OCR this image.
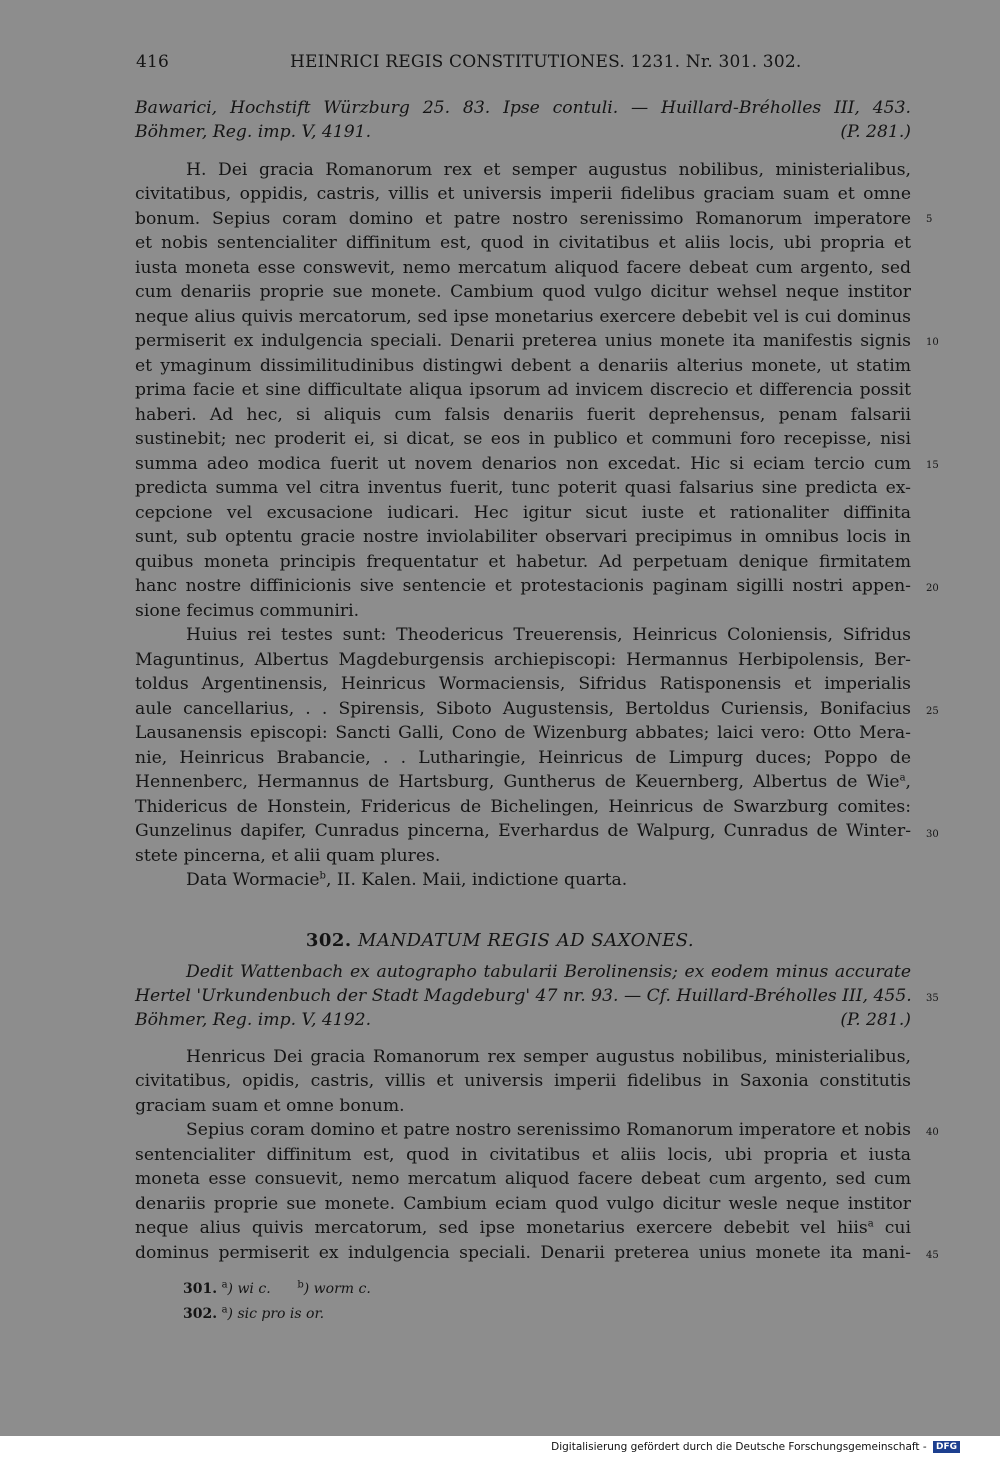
416	HEINRICI REGIS CONSTITUTIONES. 1231. Nr. 301. 302.
Bawarici, Hochstift Würzburg 25. 83. Ipse contuli. — Huillard-Bréholles III, 453.
Böhmer, Reg. imp. V, 4191.	(P. 281.)
H. Dei gracia Romanorum rex et semper augustus nobilibus, ministerialibus,
civitatibus, oppidis, castris, villis et universis imperii fidelibus graciam suam et omne
bonum. Sepius coram domino et patre nostro serenissimo Romanorum imperatore
et nobis sentencialiter diffinitum est, quod in civitatibus et aliis locis, ubi propria et
iusta moneta esse conswevit, nemo mercatum aliquod facere debeat cum argento, sed
cum denariis proprie sue monete. Cambium quod vulgo dicitur wehsel neque institor
neque alius quivis mercatorum, sed ipse monetarius exercere debebit vel is cui dominus
permiserit ex indulgencia speciali. Denarii preterea unius monete ita manifestis signis
et ymaginum dissimilitudinibus distingwi debent a denariis alterius monete, ut statim
prima facie et sine difficultate aliqua ipsorum ad invicem discrecio et differencia possit
haberi. Ad hec, si aliquis cum falsis denariis fuerit deprehensus, penam falsarii
sustinebit; nec proderit ei, si dicat, se eos in publico et communi foro recepisse, nisi
summa adeo modica fuerit ut novem denarios non excedat. Hic si eciam tercio cum
predicta summa vel citra inventus fuerit, tunc poterit quasi falsarius sine predicta ex-
cepcione vel excusacione iudicari. Hec igitur sicut iuste et rationaliter diffinita
sunt, sub optentu gracie nostre inviolabiliter observari precipimus in omnibus locis in
quibus moneta principis frequentatur et habetur. Ad perpetuam denique firmitatem
hanc nostre diffinicionis sive sentencie et protestacionis paginam sigilli nostri appen-
sione fecimus communiri.
Huius rei testes sunt: Theodericus Treuerensis, Heinricus Coloniensis, Sifridus
Maguntinus, Albertus Magdeburgensis archiepiscopi: Hermannus Herbipolensis, Ber-
toldus Argentinensis, Heinricus Wormaciensis, Sifridus Ratisponensis et imperialis
aule cancellarius, . . Spirensis, Siboto Augustensis, Bertoldus Curiensis, Bonifacius
Lausanensis episcopi: Sancti Galli, Cono de Wizenburg abbates; laici vero: Otto Mera-
nie, Heinricus Brabancie, . . Lutharingie, Heinricus de Limpurg duces; Poppo de
Hennenberc, Hermannus de Hartsburg, Guntherus de Keuernberg, Albertus de Wie$^a$,
Thidericus de Honstein, Fridericus de Bichelingen, Heinricus de Swarzburg comites:
Gunzelinus dapifer, Cunradus pincerna, Everhardus de Walpurg, Cunradus de Winter-
stete pincerna, et alii quam plures.
Data Wormacie$^b$, II. Kalen. Maii, indictione quarta.
5
10
15
20
25
30
302. MANDATUM REGIS AD SAXONES.
Dedit Wattenbach ex autographo tabularii Berolinensis; ex eodem minus accurate
Hertel 'Urkundenbuch der Stadt Magdeburg' 47 nr. 93. — Cf. Huillard-Bréholles III, 455.
Böhmer, Reg. imp. V, 4192.	(P. 281.)
Henricus Dei gracia Romanorum rex semper augustus nobilibus, ministerialibus,
civitatibus, opidis, castris, villis et universis imperii fidelibus in Saxonia constitutis
graciam suam et omne bonum.
Sepius coram domino et patre nostro serenissimo Romanorum imperatore et nobis
sentencialiter diffinitum est, quod in civitatibus et aliis locis, ubi propria et iusta
moneta esse consuevit, nemo mercatum aliquod facere debeat cum argento, sed cum
denariis proprie sue monete. Cambium eciam quod vulgo dicitur wesle neque institor
neque alius quivis mercatorum, sed ipse monetarius exercere debebit vel hiis$^a$ cui
dominus permiserit ex indulgencia speciali. Denarii preterea unius monete ita mani-
35
40
45
301. $^a$) wi c.	$^b$) worm c.
302. $^a$) sic pro is or.
Digitalisierung gefördert durch die Deutsche Forschungsgemeinschaft - DFG
